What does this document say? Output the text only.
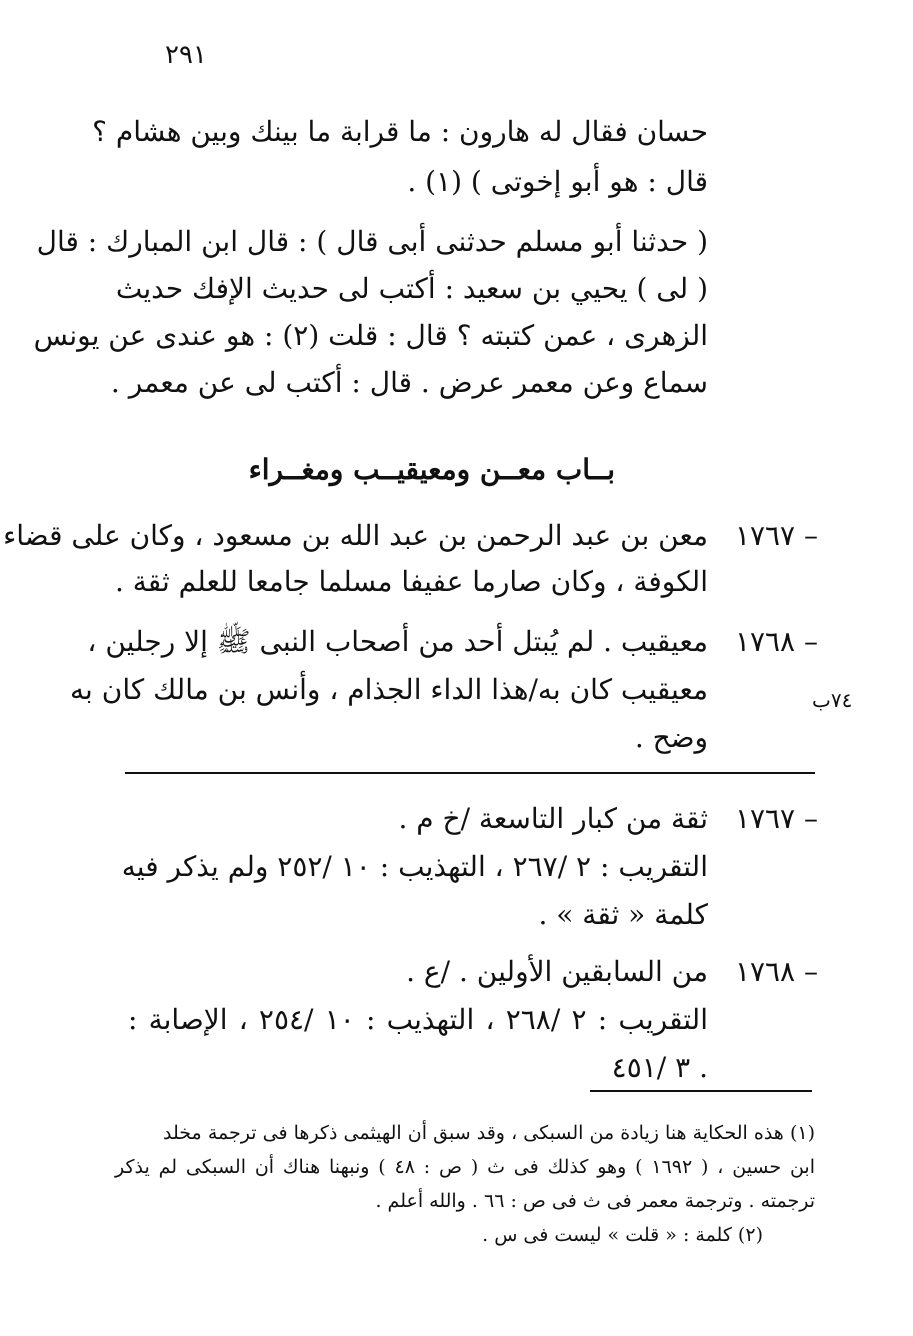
٢٩١
حسان فقال له هارون : ما قرابة ما بينك وبين هشام ؟
قال : هو أبو إخوتى ) (١) .
( حدثنا أبو مسلم حدثنى أبى قال ) : قال ابن المبارك : قال
( لى ) يحيي بن سعيد : أكتب لى حديث الإفك حديث
الزهرى ، عمن كتبته ؟ قال : قلت (٢) : هو عندى عن يونس
سماع وعن معمر عرض . قال : أكتب لى عن معمر .
بــاب معــن ومعيقيــب ومغــراء
١٧٦٧ –
معن بن عبد الرحمن بن عبد الله بن مسعود ، وكان على قضاء
الكوفة ، وكان صارما عفيفا مسلما جامعا للعلم ثقة .
١٧٦٨ –
معيقيب . لم يُبتل أحد من أصحاب النبى ﷺ إلا رجلين ،
معيقيب كان به/هذا الداء الجذام ، وأنس بن مالك كان به
وضح .
٧٤ب
١٧٦٧ –
ثقة من كبار التاسعة /خ م .
التقريب : ٢ /٢٦٧ ، التهذيب : ١٠ /٢٥٢ ولم يذكر فيه
كلمة « ثقة » .
١٧٦٨ –
من السابقين الأولين . /ع .
التقريب : ٢ /٢٦٨ ، التهذيب : ١٠ /٢٥٤ ، الإصابة :
٣ /٤٥١ .
(١) هذه الحكاية هنا زيادة من السبكى ، وقد سبق أن الهيثمى ذكرها فى ترجمة مخلد
ابن حسين ، ( ١٦٩٢ ) وهو كذلك فى ث ( ص : ٤٨ ) ونبهنا هناك أن السبكى لم يذكر
ترجمته . وترجمة معمر فى ث فى ص : ٦٦ . والله أعلم .
(٢) كلمة : « قلت » ليست فى س .
